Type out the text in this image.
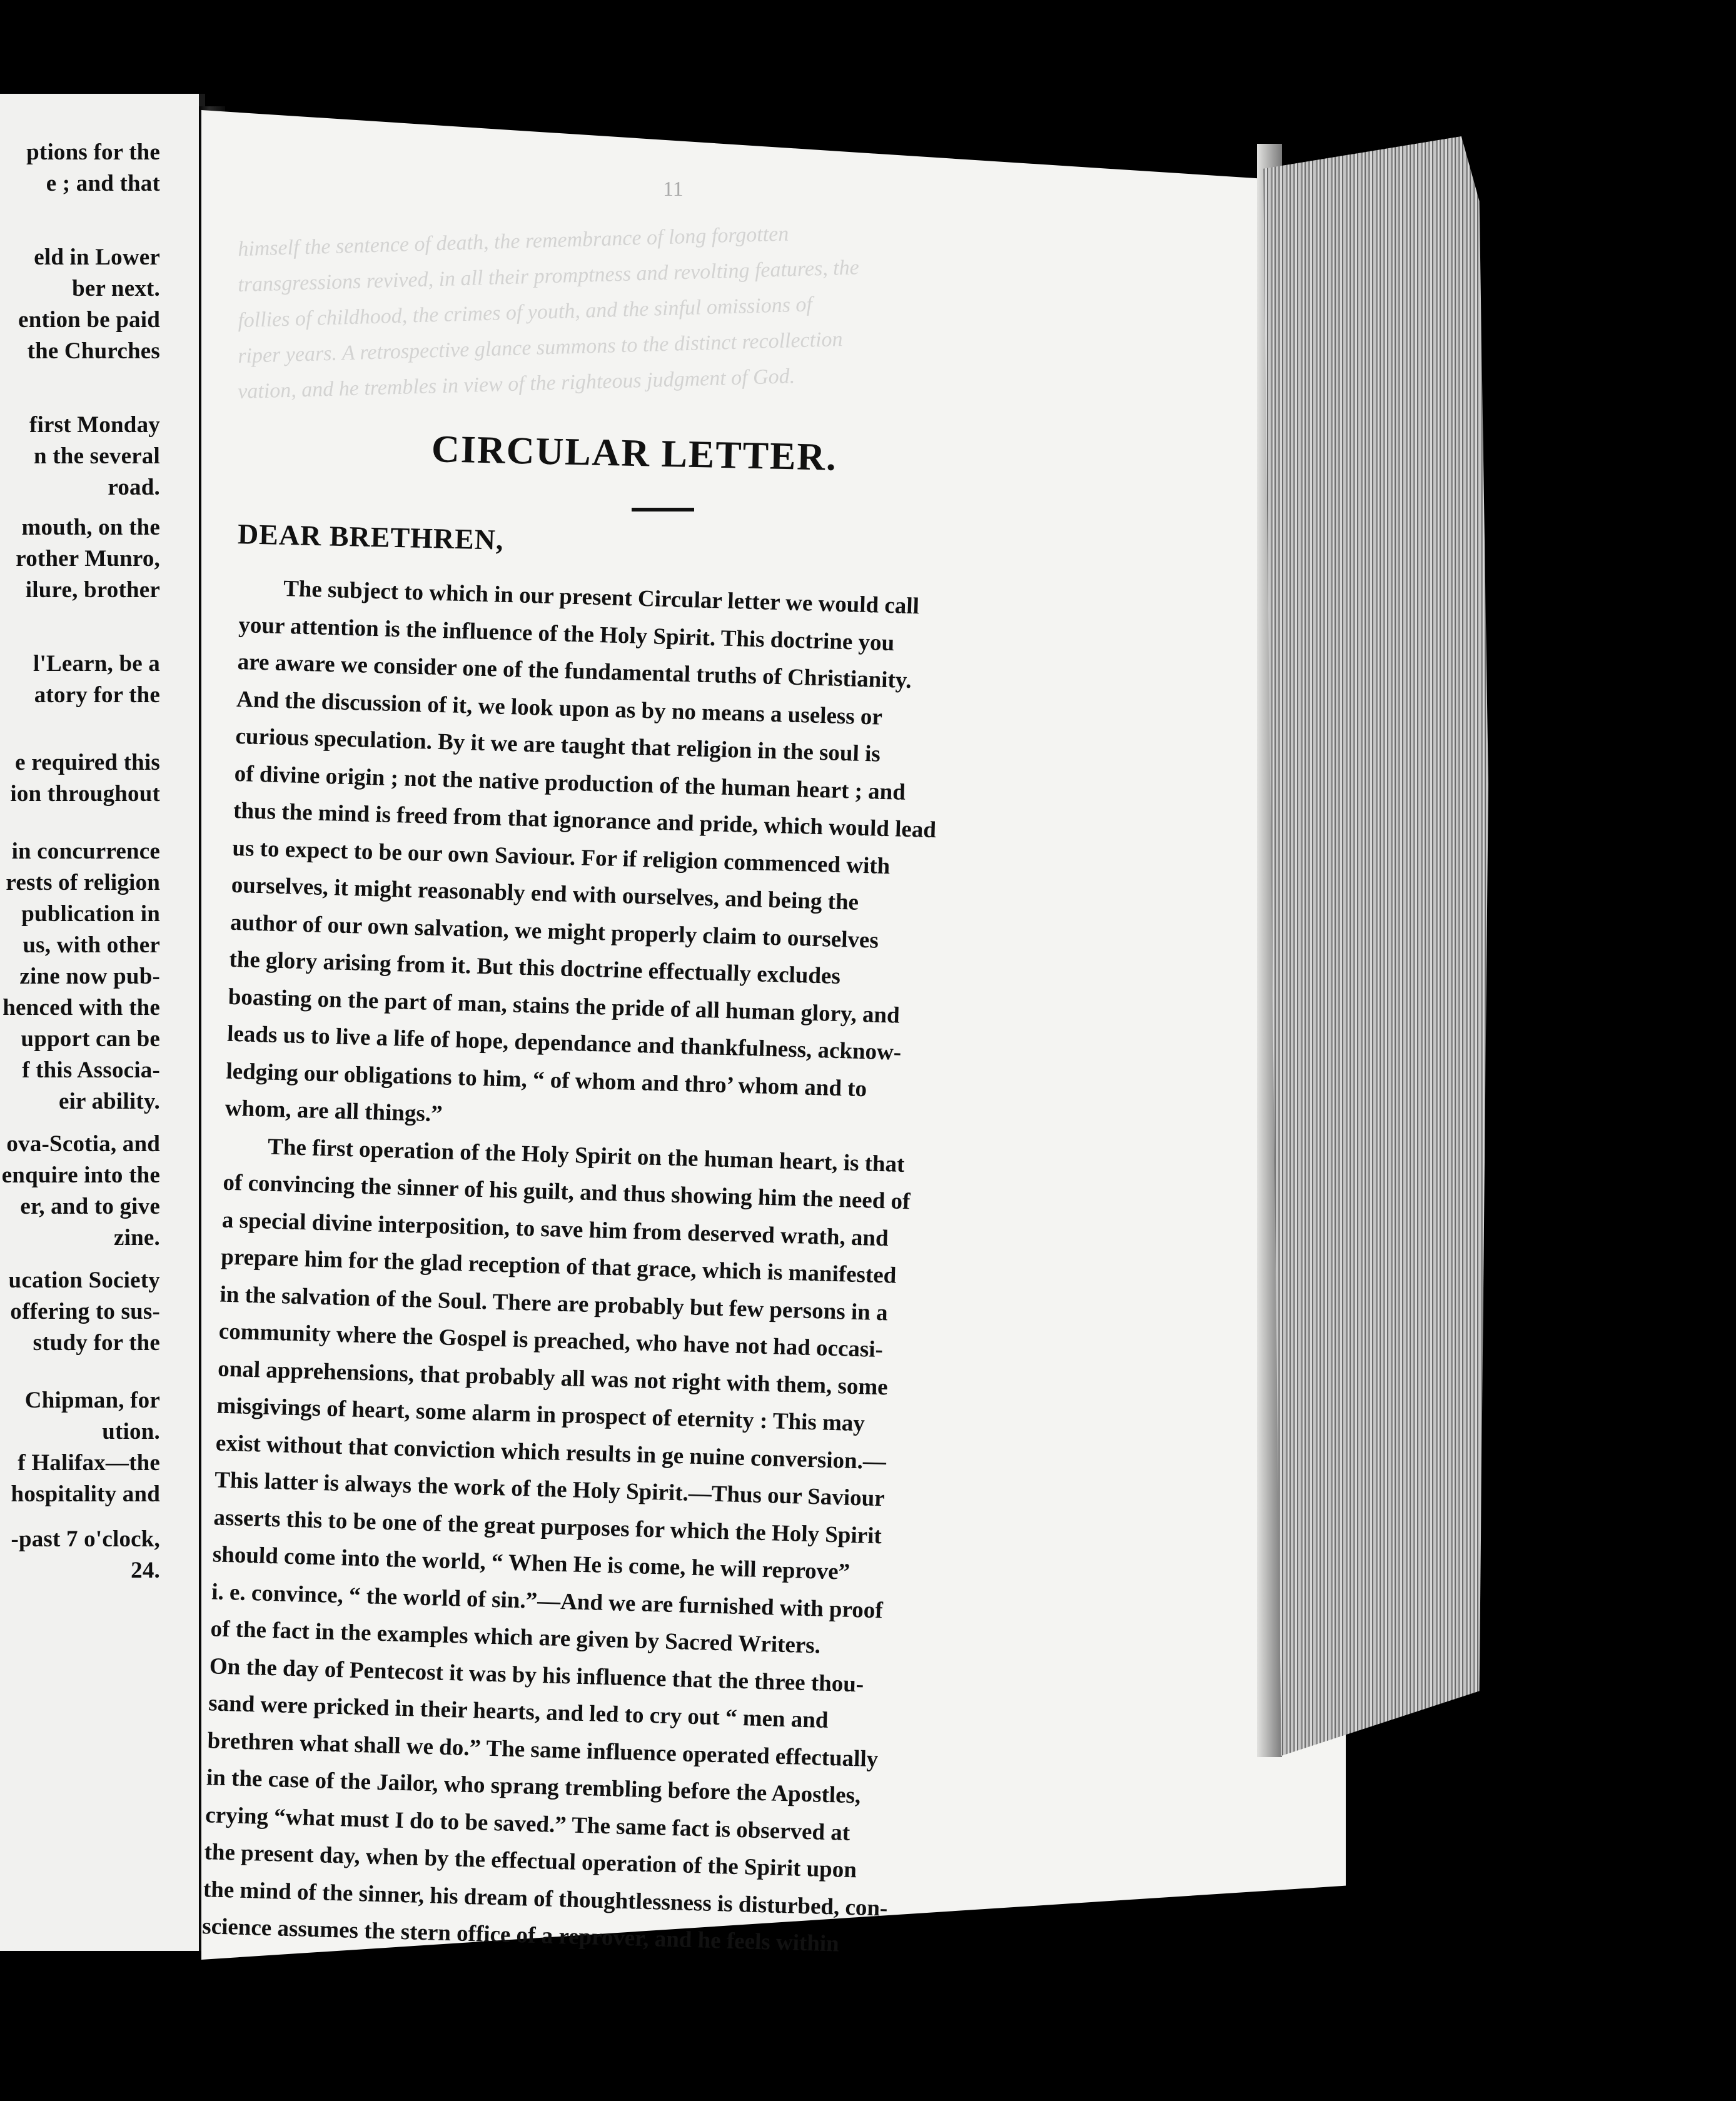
ptions for the
e ; and that
eld in Lower
ber next.
ention be paid
the Churches
first Monday
n the several
road.
mouth, on the
rother Munro,
ilure, brother
l'Learn, be a
atory for the
e required this
ion throughout
in concurrence
rests of religion
publication in
us, with other
zine now pub-
henced with the
upport can be
f this Associa-
eir ability.
ova-Scotia, and
enquire into the
er, and to give
zine.
ucation Society
offering to sus-
study for the
Chipman, for
ution.
f Halifax—the
hospitality and
-past 7 o'clock,
24.
11
himself the sentence of death, the remembrance of long forgotten
transgressions revived, in all their promptness and revolting features, the
follies of childhood, the crimes of youth, and the sinful omissions of
riper years. A retrospective glance summons to the distinct recollection
vation, and he trembles in view of the righteous judgment of God.
CIRCULAR LETTER.
DEAR BRETHREN,
The subject to which in our present Circular letter we would call
your attention is the influence of the Holy Spirit. This doctrine you
are aware we consider one of the fundamental truths of Christianity.
And the discussion of it, we look upon as by no means a useless or
curious speculation. By it we are taught that religion in the soul is
of divine origin ; not the native production of the human heart ; and
thus the mind is freed from that ignorance and pride, which would lead
us to expect to be our own Saviour. For if religion commenced with
ourselves, it might reasonably end with ourselves, and being the
author of our own salvation, we might properly claim to ourselves
the glory arising from it. But this doctrine effectually excludes
boasting on the part of man, stains the pride of all human glory, and
leads us to live a life of hope, dependance and thankfulness, acknow-
ledging our obligations to him, “ of whom and thro’ whom and to
whom, are all things.”
The first operation of the Holy Spirit on the human heart, is that
of convincing the sinner of his guilt, and thus showing him the need of
a special divine interposition, to save him from deserved wrath, and
prepare him for the glad reception of that grace, which is manifested
in the salvation of the Soul. There are probably but few persons in a
community where the Gospel is preached, who have not had occasi-
onal apprehensions, that probably all was not right with them, some
misgivings of heart, some alarm in prospect of eternity : This may
exist without that conviction which results in ge nuine conversion.—
This latter is always the work of the Holy Spirit.—Thus our Saviour
asserts this to be one of the great purposes for which the Holy Spirit
should come into the world, “ When He is come, he will reprove”
i. e. convince, “ the world of sin.”—And we are furnished with proof
of the fact in the examples which are given by Sacred Writers.
On the day of Pentecost it was by his influence that the three thou-
sand were pricked in their hearts, and led to cry out “ men and
brethren what shall we do.” The same influence operated effectually
in the case of the Jailor, who sprang trembling before the Apostles,
crying “what must I do to be saved.” The same fact is observed at
the present day, when by the effectual operation of the Spirit upon
the mind of the sinner, his dream of thoughtlessness is disturbed, con-
science assumes the stern office of a reprover, and he feels within
